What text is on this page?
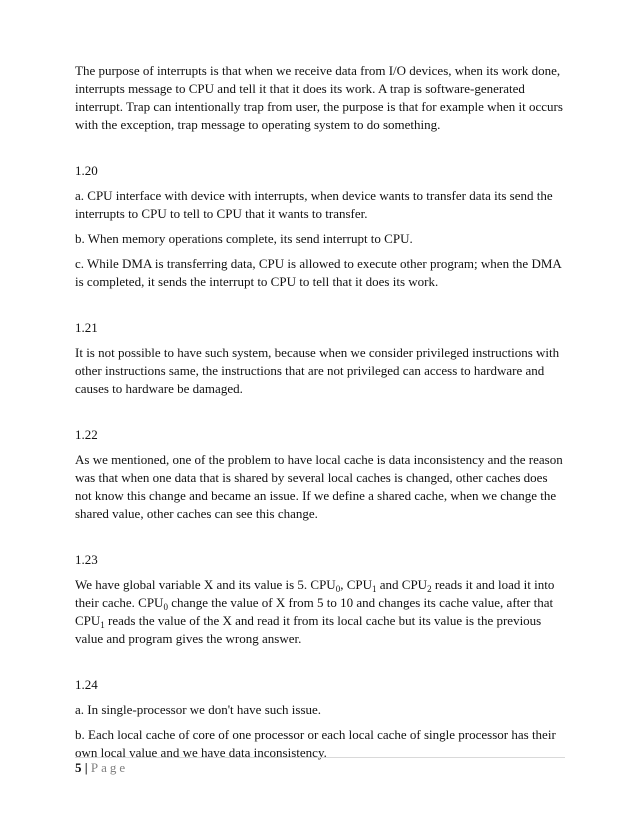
The purpose of interrupts is that when we receive data from I/O devices, when its work done, interrupts message to CPU and tell it that it does its work. A trap is software-generated interrupt. Trap can intentionally trap from user, the purpose is that for example when it occurs with the exception, trap message to operating system to do something.

1.20

a. CPU interface with device with interrupts, when device wants to transfer data its send the interrupts to CPU to tell to CPU that it wants to transfer.

b. When memory operations complete, its send interrupt to CPU.

c. While DMA is transferring data, CPU is allowed to execute other program; when the DMA is completed, it sends the interrupt to CPU to tell that it does its work.

1.21

It is not possible to have such system, because when we consider privileged instructions with other instructions same, the instructions that are not privileged can access to hardware and causes to hardware be damaged.

1.22

As we mentioned, one of the problem to have local cache is data inconsistency and the reason was that when one data that is shared by several local caches is changed, other caches does not know this change and became an issue. If we define a shared cache, when we change the shared value, other caches can see this change.

1.23

We have global variable X and its value is 5. $CPU_0$, $CPU_1$ and $CPU_2$ reads it and load it into their cache. $CPU_0$ change the value of X from 5 to 10 and changes its cache value, after that $CPU_1$ reads the value of the X and read it from its local cache but its value is the previous value and program gives the wrong answer.

1.24

a. In single-processor we don't have such issue.

b. Each local cache of core of one processor or each local cache of single processor has their own local value and we have data inconsistency.

5 | Page
